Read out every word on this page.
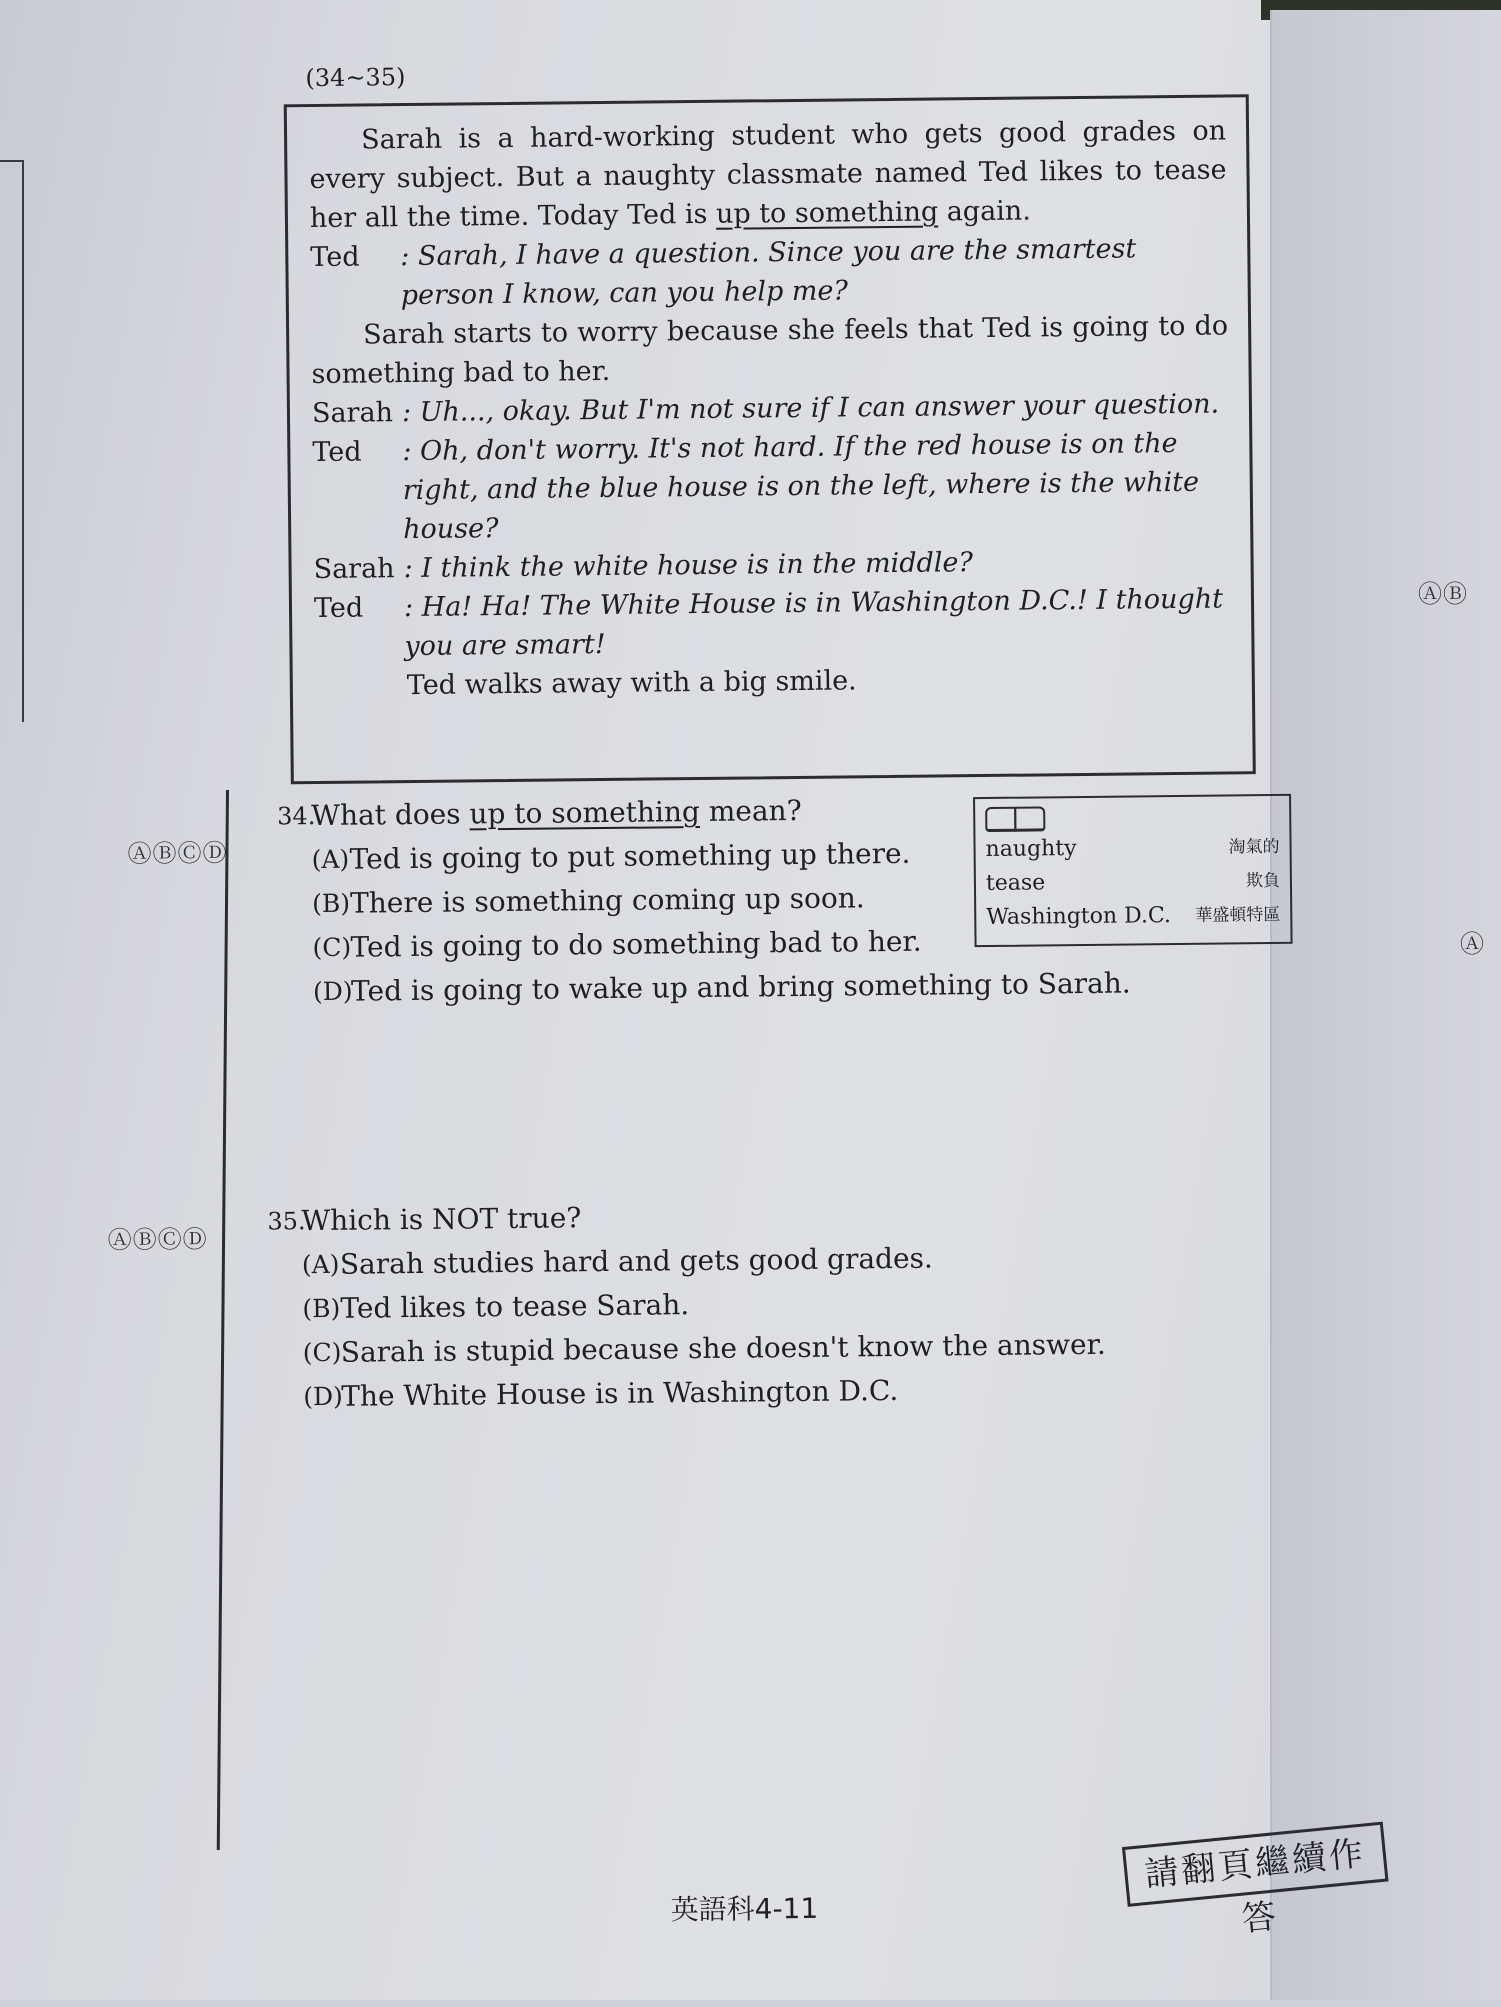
ⒶⒷ
Ⓐ
(34~35)

Sarah is a hard-working student who gets good grades on every subject. But a naughty classmate named Ted likes to tease her all the time. Today Ted is up to something again.

Ted	: Sarah, I have a question. Since you are the smartest person I know, can you help me?

Sarah starts to worry because she feels that Ted is going to do something bad to her.

Sarah : Uh..., okay. But I'm not sure if I can answer your question.

Ted	: Oh, don't worry. It's not hard. If the red house is on the right, and the blue house is on the left, where is the white house?

Sarah : I think the white house is in the middle?

Ted	: Ha! Ha! The White House is in Washington D.C.! I thought you are smart!

Ted walks away with a big smile.

ⒶⒷⒸⒹ

34.
What does up to something mean?

(A) Ted is going to put something up there.

(B) There is something coming up soon.

(C) Ted is going to do something bad to her.

(D)
Ted is going to wake up and bring something to Sarah.

naughty	淘氣的
tease	欺負
Washington D.C. 華盛頓特區
ⒶⒷⒸⒹ

35.
Which is NOT true?

(A) Sarah studies hard and gets good grades.

(B) Ted likes to tease Sarah.

(C) Sarah is stupid because she doesn't know the answer.

(D)
The White House is in Washington D.C.

英語科4-11
請翻頁繼續作答
